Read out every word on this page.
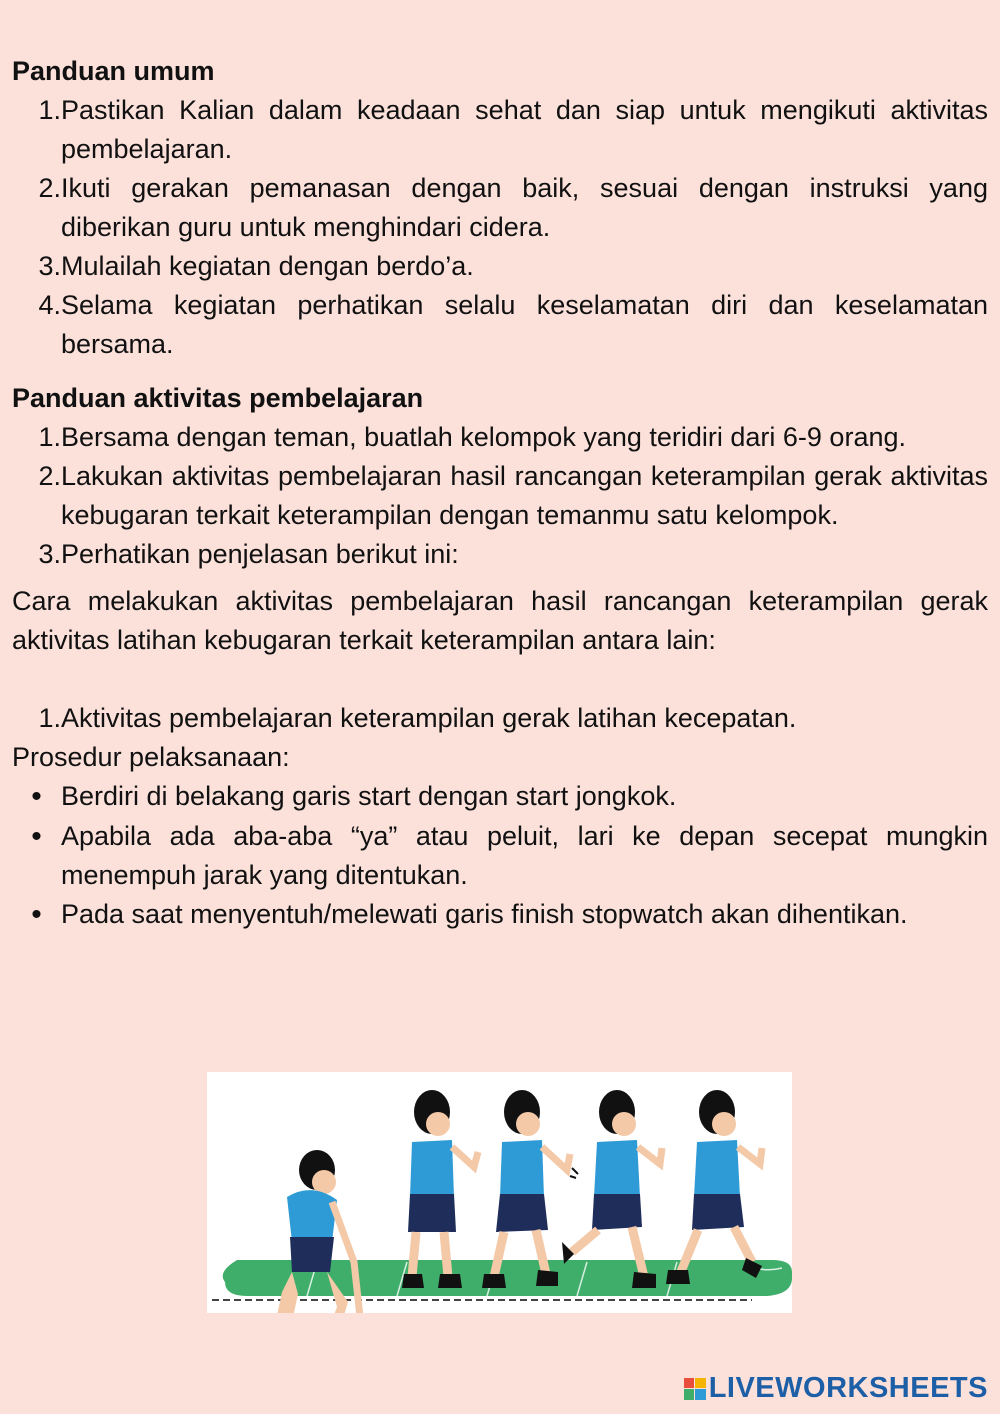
Panduan umum
1. Pastikan Kalian dalam keadaan sehat dan siap untuk mengikuti aktivitas pembelajaran.
2. Ikuti gerakan pemanasan dengan baik, sesuai dengan instruksi yang diberikan guru untuk menghindari cidera.
3. Mulailah kegiatan dengan berdo’a.
4. Selama kegiatan perhatikan selalu keselamatan diri dan keselamatan bersama.
Panduan aktivitas pembelajaran
1. Bersama dengan teman, buatlah kelompok yang teridiri dari 6-9 orang.
2. Lakukan aktivitas pembelajaran hasil rancangan keterampilan gerak aktivitas kebugaran terkait keterampilan dengan temanmu satu kelompok.
3. Perhatikan penjelasan berikut ini:

Cara melakukan aktivitas pembelajaran hasil rancangan keterampilan gerak aktivitas latihan kebugaran terkait keterampilan antara lain:

1. Aktivitas pembelajaran keterampilan gerak latihan kecepatan.

Prosedur pelaksanaan:

•
Berdiri di belakang garis start dengan start jongkok.
•
Apabila ada aba-aba “ya” atau peluit, lari ke depan secepat mungkin menempuh jarak yang ditentukan.
•
Pada saat menyentuh/melewati garis finish stopwatch akan dihentikan.
LIVEWORKSHEETS
